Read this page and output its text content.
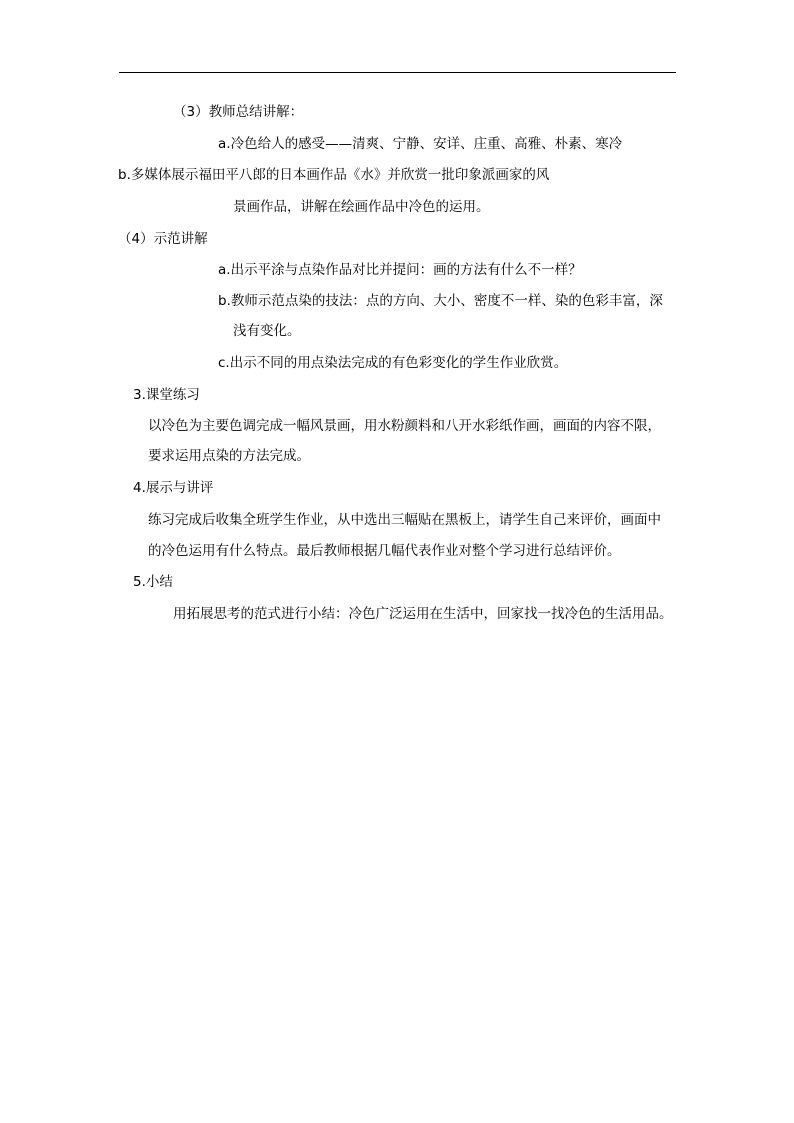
（3）教师总结讲解：
a.冷色给人的感受——清爽、宁静、安详、庄重、高雅、朴素、寒冷
b.多媒体展示福田平八郎的日本画作品《水》并欣赏一批印象派画家的风
景画作品，讲解在绘画作品中冷色的运用。
（4）示范讲解
a.出示平涂与点染作品对比并提问：画的方法有什么不一样？
b.教师示范点染的技法：点的方向、大小、密度不一样、染的色彩丰富，深
浅有变化。
c.出示不同的用点染法完成的有色彩变化的学生作业欣赏。
3.课堂练习
以冷色为主要色调完成一幅风景画，用水粉颜料和八开水彩纸作画，画面的内容不限，
要求运用点染的方法完成。
4.展示与讲评
练习完成后收集全班学生作业，从中选出三幅贴在黑板上，请学生自己来评价，画面中
的冷色运用有什么特点。最后教师根据几幅代表作业对整个学习进行总结评价。
5.小结
用拓展思考的范式进行小结：冷色广泛运用在生活中，回家找一找冷色的生活用品。
